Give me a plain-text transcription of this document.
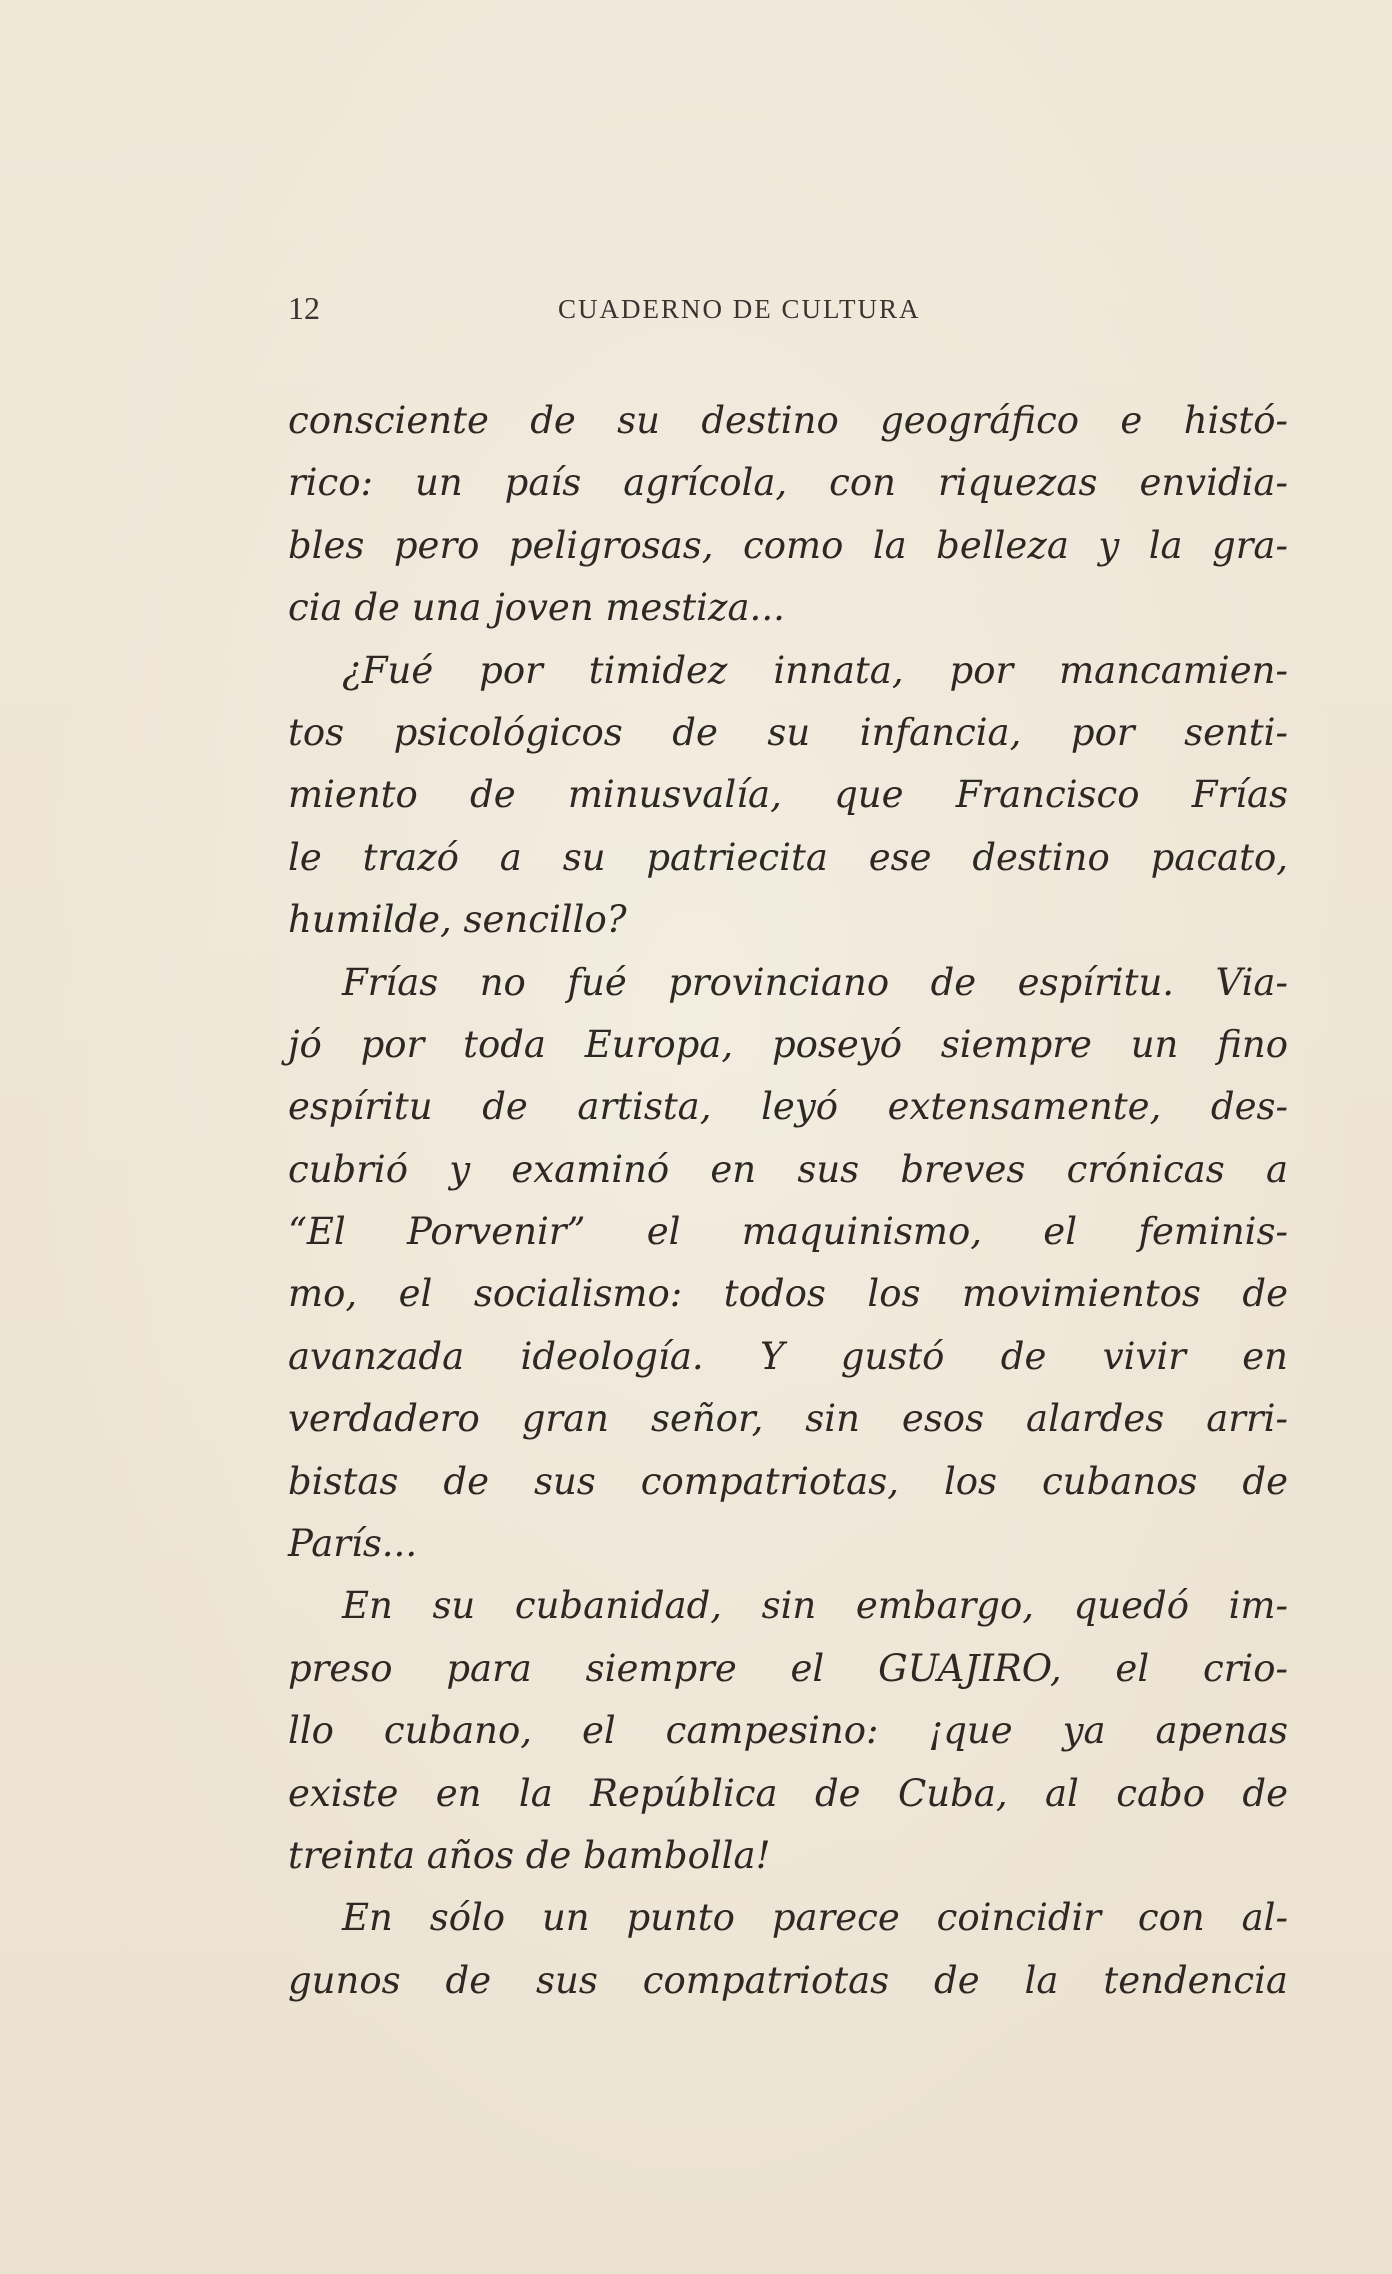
12	CUADERNO DE CULTURA
consciente de su destino geográfico e histó-
rico: un país agrícola, con riquezas envidia-
bles pero peligrosas, como la belleza y la gra-
cia de una joven mestiza...
¿Fué por timidez innata, por mancamien-
tos psicológicos de su infancia, por senti-
miento de minusvalía, que Francisco Frías
le trazó a su patriecita ese destino pacato,
humilde, sencillo?
Frías no fué provinciano de espíritu. Via-
jó por toda Europa, poseyó siempre un fino
espíritu de artista, leyó extensamente, des-
cubrió y examinó en sus breves crónicas a
“El Porvenir” el maquinismo, el feminis-
mo, el socialismo: todos los movimientos de
avanzada ideología. Y gustó de vivir en
verdadero gran señor, sin esos alardes arri-
bistas de sus compatriotas, los cubanos de
París...
En su cubanidad, sin embargo, quedó im-
preso para siempre el GUAJIRO, el crio-
llo cubano, el campesino: ¡que ya apenas
existe en la República de Cuba, al cabo de
treinta años de bambolla!
En sólo un punto parece coincidir con al-
gunos de sus compatriotas de la tendencia
